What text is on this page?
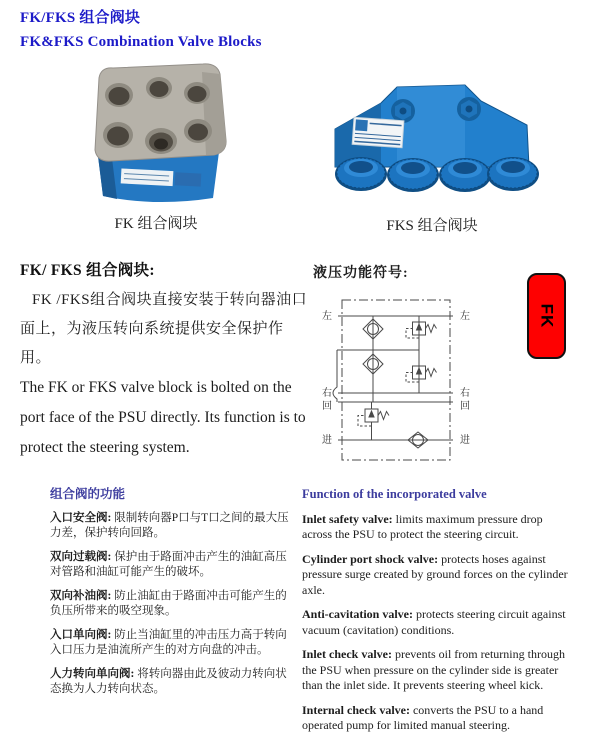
FK/FKS 组合阀块
FK&FKS Combination Valve Blocks
FK 组合阀块	FKS 组合阀块
FK/ FKS 组合阀块:

FK /FKS组合阀块直接安装于转向器油口面上，为液压转向系统提供安全保护作用。

The FK or FKS valve block is bolted on the port face of the PSU directly. Its function is to protect the steering system.

液压功能符号:
左	左
右	右
回	回
进	进
FK
组合阀的功能

入口安全阀: 限制转向器P口与T口之间的最大压力差，保护转向回路。

双向过载阀: 保护由于路面冲击产生的油缸高压对管路和油缸可能产生的破坏。

双向补油阀: 防止油缸由于路面冲击可能产生的负压所带来的吸空现象。

入口单向阀: 防止当油缸里的冲击压力高于转向入口压力是油流所产生的对方向盘的冲击。

人力转向单向阀: 将转向器由此及彼动力转向状态换为人力转向状态。

Function of the incorporated valve

Inlet safety valve: limits maximum pressure drop across the PSU to protect the steering circuit.

Cylinder port shock valve: protects hoses against pressure surge created by ground forces on the cylinder axle.

Anti-cavitation valve: protects steering circuit against vacuum (cavitation) conditions.

Inlet check valve: prevents oil from returning through the PSU when pressure on the cylinder side is greater than the inlet side. It prevents steering wheel kick.

Internal check valve: converts the PSU to a hand operated pump for limited manual steering.
